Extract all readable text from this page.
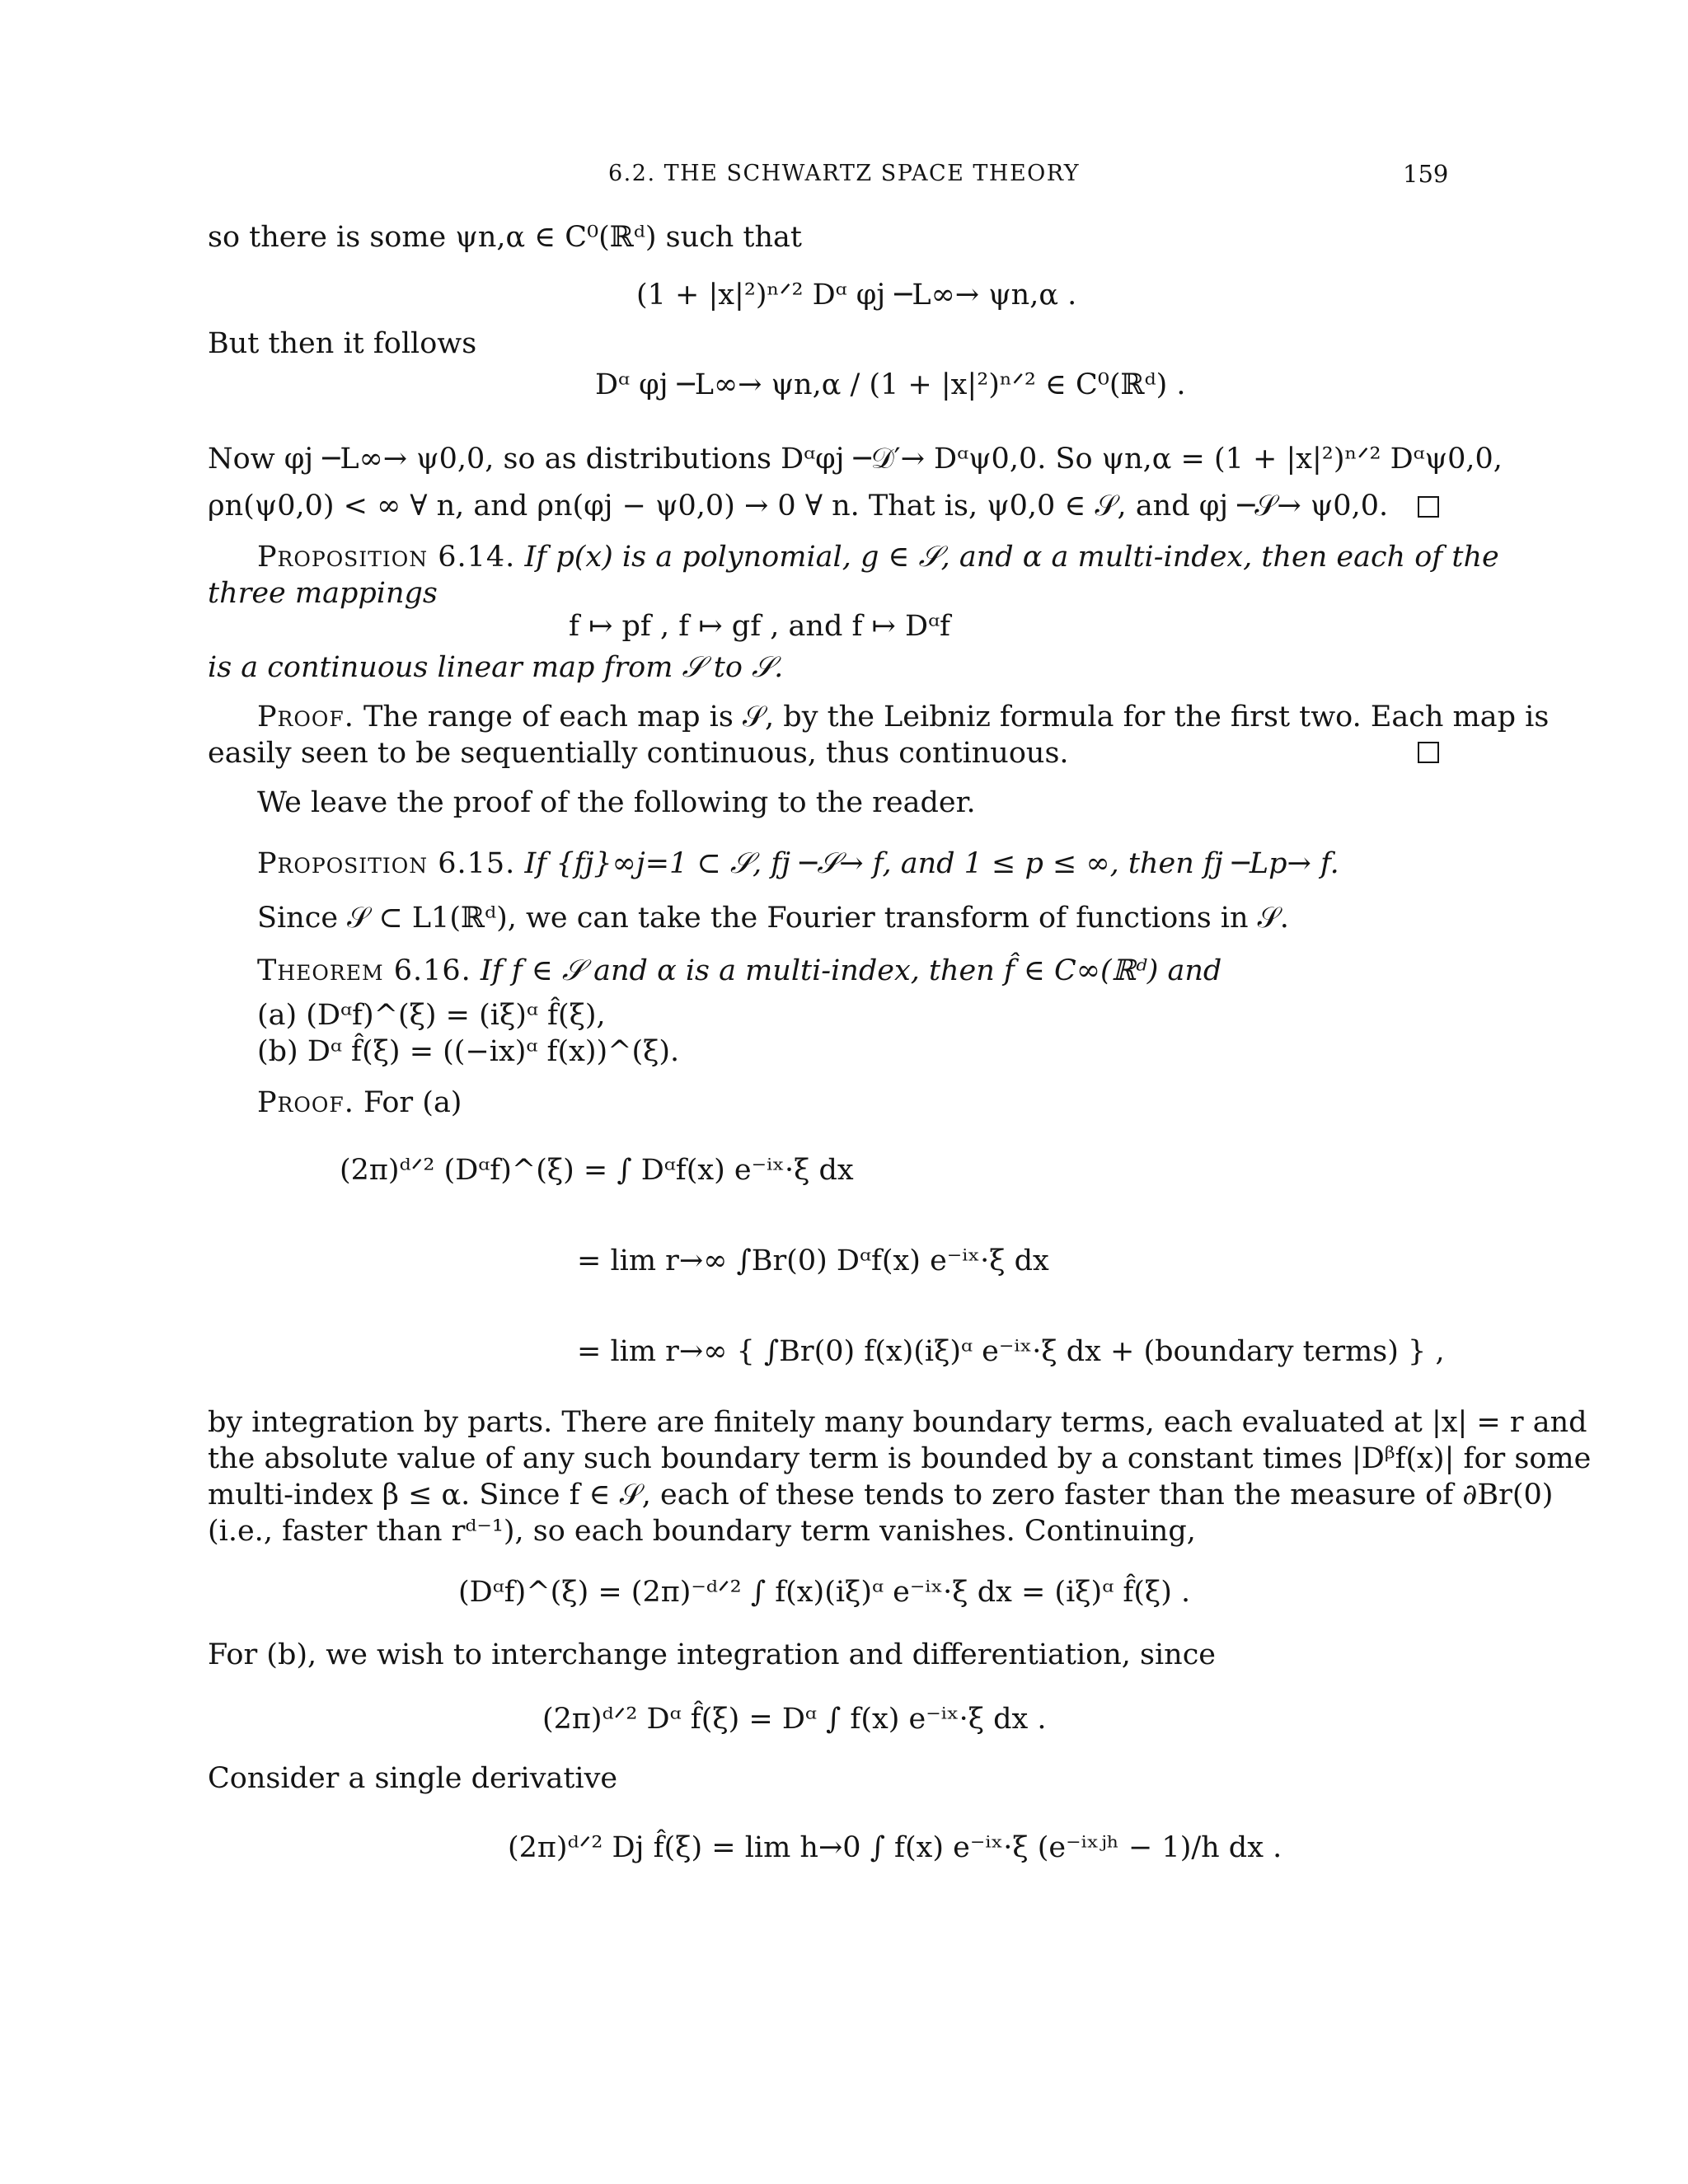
6.2. THE SCHWARTZ SPACE THEORY	159
so there is some ψn,α ∈ C⁰(ℝᵈ) such that
(1 + |x|²)ⁿᐟ² Dᵅ φj ─L∞→ ψn,α .
But then it follows
Dᵅ φj ─L∞→ ψn,α / (1 + |x|²)ⁿᐟ² ∈ C⁰(ℝᵈ) .
Now φj ─L∞→ ψ0,0, so as distributions Dᵅφj ─𝒟′→ Dᵅψ0,0. So ψn,α = (1 + |x|²)ⁿᐟ² Dᵅψ0,0,
ρn(ψ0,0) < ∞ ∀ n, and ρn(φj − ψ0,0) → 0 ∀ n. That is, ψ0,0 ∈ 𝒮, and φj ─𝒮→ ψ0,0.
Proposition 6.14. If p(x) is a polynomial, g ∈ 𝒮, and α a multi-index, then each of the
three mappings
f ↦ pf , f ↦ gf , and f ↦ Dᵅf
is a continuous linear map from 𝒮 to 𝒮.
Proof. The range of each map is 𝒮, by the Leibniz formula for the first two. Each map is
easily seen to be sequentially continuous, thus continuous.
We leave the proof of the following to the reader.
Proposition 6.15. If {fj}∞j=1 ⊂ 𝒮, fj ─𝒮→ f, and 1 ≤ p ≤ ∞, then fj ─Lp→ f.
Since 𝒮 ⊂ L1(ℝᵈ), we can take the Fourier transform of functions in 𝒮.
Theorem 6.16. If f ∈ 𝒮 and α is a multi-index, then f̂ ∈ C∞(ℝᵈ) and
(a) (Dᵅf)^(ξ) = (iξ)ᵅ f̂(ξ),
(b) Dᵅ f̂(ξ) = ((−ix)ᵅ f(x))^(ξ).
Proof. For (a)
(2π)ᵈᐟ² (Dᵅf)^(ξ) = ∫ Dᵅf(x) e⁻ⁱˣ·ξ dx
= lim r→∞ ∫Br(0) Dᵅf(x) e⁻ⁱˣ·ξ dx
= lim r→∞ { ∫Br(0) f(x)(iξ)ᵅ e⁻ⁱˣ·ξ dx + (boundary terms) } ,
by integration by parts. There are finitely many boundary terms, each evaluated at |x| = r and
the absolute value of any such boundary term is bounded by a constant times |Dᵝf(x)| for some
multi-index β ≤ α. Since f ∈ 𝒮, each of these tends to zero faster than the measure of ∂Br(0)
(i.e., faster than rᵈ⁻¹), so each boundary term vanishes. Continuing,
(Dᵅf)^(ξ) = (2π)⁻ᵈᐟ² ∫ f(x)(iξ)ᵅ e⁻ⁱˣ·ξ dx = (iξ)ᵅ f̂(ξ) .
For (b), we wish to interchange integration and differentiation, since
(2π)ᵈᐟ² Dᵅ f̂(ξ) = Dᵅ ∫ f(x) e⁻ⁱˣ·ξ dx .
Consider a single derivative
(2π)ᵈᐟ² Dj f̂(ξ) = lim h→0 ∫ f(x) e⁻ⁱˣ·ξ (e⁻ⁱˣʲʰ − 1)/h dx .
